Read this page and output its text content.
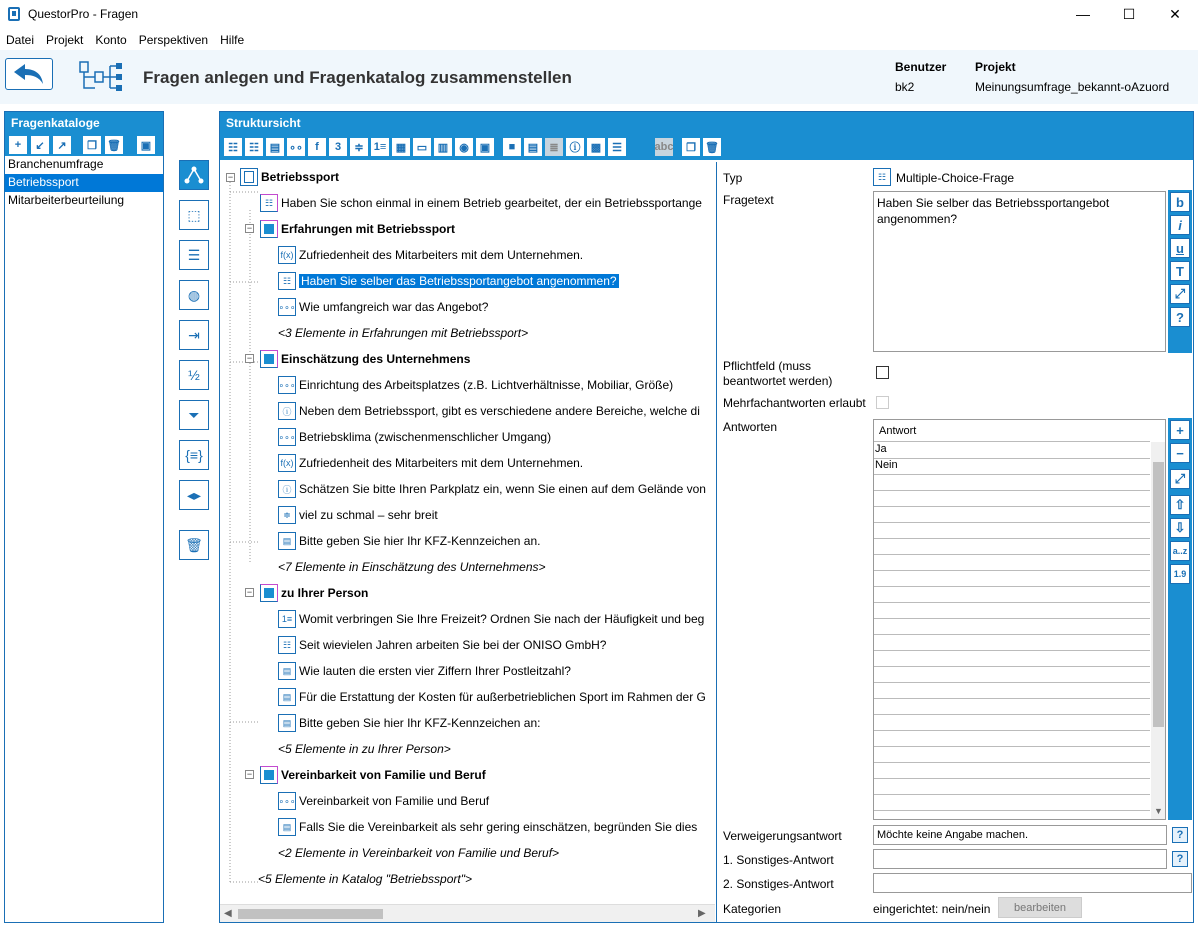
QuestorPro - Fragen	—	☐	✕
Datei	Projekt	Konto	Perspektiven	Hilfe
Fragen anlegen und Fragenkatalog zusammenstellen
Benutzer
bk2
Projekt
Meinungsumfrage_bekannt-oAzuord
Fragenkataloge
+	↙	↗	❐ 🗑	▣
Branchenumfrage
Betriebssport
Mitarbeiterbeurteilung
⬚
☰
◍
⇥
½
⏷
{≡}
◂▸
🗑
Struktursicht
☷	☷ ▤ ∘∘	f	3	≑ 1≡ ▦ ▭ ▥ ◉	▣	■	▤	≣ ⓘ ▩ ☰	abc	❐ 🗑
− Betriebssport
☷ Haben Sie schon einmal in einem Betrieb gearbeitet, der ein Betriebssportange
− Erfahrungen mit Betriebssport
f(x) Zufriedenheit des Mitarbeiters mit dem Unternehmen.
☷ Haben Sie selber das Betriebssportangebot angenommen?
∘∘∘ Wie umfangreich war das Angebot?
<3 Elemente in Erfahrungen mit Betriebssport>
− Einschätzung des Unternehmens
∘∘∘ Einrichtung des Arbeitsplatzes (z.B. Lichtverhältnisse, Mobiliar, Größe)
ⓘ Neben dem Betriebssport, gibt es verschiedene andere Bereiche, welche di
∘∘∘ Betriebsklima (zwischenmenschlicher Umgang)
f(x) Zufriedenheit des Mitarbeiters mit dem Unternehmen.
ⓘ Schätzen Sie bitte Ihren Parkplatz ein, wenn Sie einen auf dem Gelände von
≑ viel zu schmal – sehr breit
▤ Bitte geben Sie hier Ihr KFZ-Kennzeichen an.
<7 Elemente in Einschätzung des Unternehmens>
− zu Ihrer Person
1≡ Womit verbringen Sie Ihre Freizeit? Ordnen Sie nach der Häufigkeit und beg
☷ Seit wievielen Jahren arbeiten Sie bei der ONISO GmbH?
▤ Wie lauten die ersten vier Ziffern Ihrer Postleitzahl?
▤ Für die Erstattung der Kosten für außerbetrieblichen Sport im Rahmen der G
▤ Bitte geben Sie hier Ihr KFZ-Kennzeichen an:
<5 Elemente in zu Ihrer Person>
− Vereinbarkeit von Familie und Beruf
∘∘∘ Vereinbarkeit von Familie und Beruf
▤ Falls Sie die Vereinbarkeit als sehr gering einschätzen, begründen Sie dies
<2 Elemente in Vereinbarkeit von Familie und Beruf>
<5 Elemente in Katalog "Betriebssport">
◀	▶
Typ	☷ Multiple-Choice-Frage
Fragetext	Haben Sie selber das Betriebssportangebot angenommen?
b
i
u
T
⤢
?
Pflichtfeld (muss beantwortet werden)
Mehrfachantworten erlaubt
Antworten	Antwort
Ja
Nein
▼
+
−
⤢
⇧
⇩
a..z
1.9
Verweigerungsantwort
Möchte keine Angabe machen.	?
1. Sonstiges-Antwort	?
2. Sonstiges-Antwort
Kategorien	eingerichtet: nein/nein	bearbeiten
